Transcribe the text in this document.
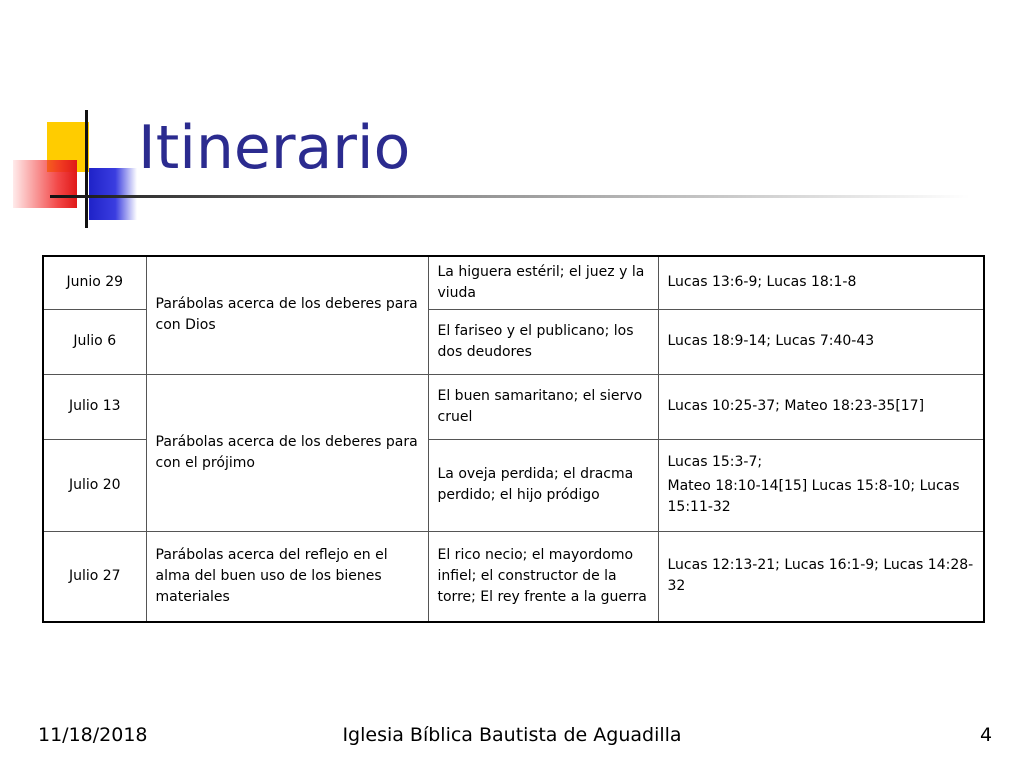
Itinerario
Junio 29	Parábolas acerca de los deberes para con Dios	La higuera estéril; el juez y la viuda	Lucas 13:6-9; Lucas 18:1-8

Julio 6		El fariseo y el publicano; los dos deudores	Lucas 18:9-14; Lucas 7:40-43

Julio 13	Parábolas acerca de los deberes para con el prójimo	El buen samaritano; el siervo cruel	Lucas 10:25-37; Mateo 18:23-35[17]

Julio 20		La oveja perdida; el dracma perdido; el hijo pródigo	Lucas 15:3-7;

Mateo 18:10-14[15] Lucas 15:8-10; Lucas 15:11-32

Julio 27	Parábolas acerca del reflejo en el alma del buen uso de los bienes materiales	El rico necio; el mayordomo infiel; el constructor de la torre; El rey frente a la guerra	Lucas 12:13-21; Lucas 16:1-9; Lucas 14:28-32

11/18/2018	Iglesia Bíblica Bautista de Aguadilla	4
